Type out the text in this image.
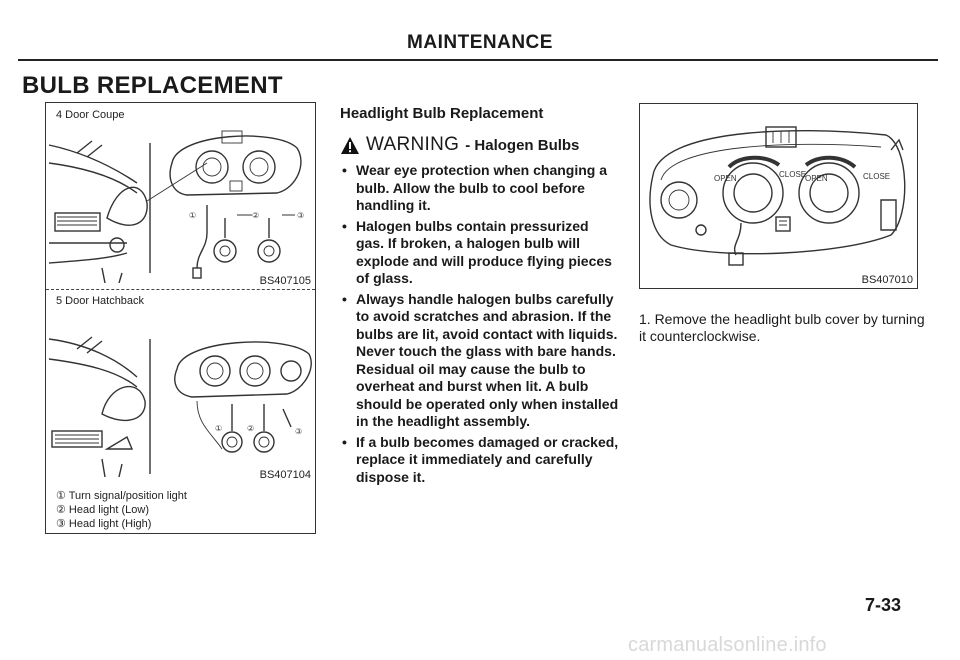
MAINTENANCE
BULB REPLACEMENT
4 Door Coupe
①	②	③
BS407105
5 Door Hatchback
①	②	③
BS407104
① Turn signal/position light
② Head light (Low)
③ Head light (High)
Headlight Bulb Replacement
WARNING - Halogen Bulbs
• Wear eye protection when changing a bulb. Allow the bulb to cool before handling it.
• Halogen bulbs contain pressurized gas. If broken, a halogen bulb will explode and will produce flying pieces of glass.
• Always handle halogen bulbs carefully to avoid scratches and abrasion. If the bulbs are lit, avoid contact with liquids. Never touch the glass with bare hands. Residual oil may cause the bulb to overheat and burst when lit. A bulb should be operated only when installed in the headlight assembly.
• If a bulb becomes damaged or cracked, replace it immediately and carefully dispose it.
OPEN	CLOSE
OPEN	CLOSE
BS407010
1. Remove the headlight bulb cover by turning it counterclockwise.
7-33
carmanualsonline.info
